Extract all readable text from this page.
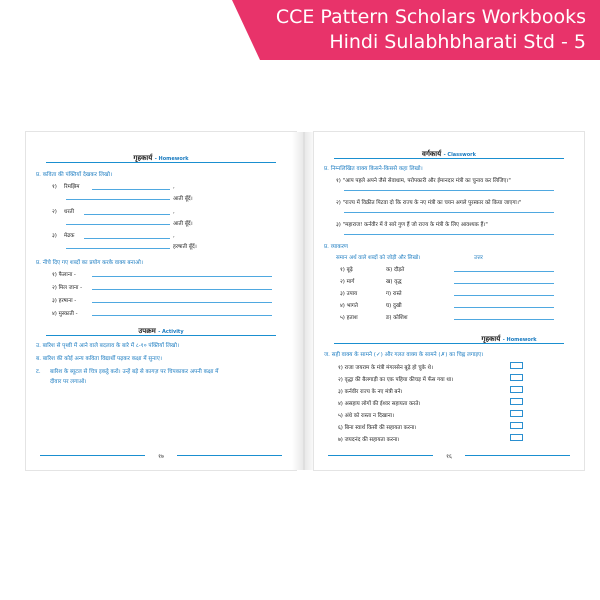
CCE Pattern Scholars Workbooks
Hindi Sulabhbharati Std - 5
गृहकार्य - Homework
प्र. कविता की पंक्तियाँ देखकर लिखो।
१) रिमझिम	,
आती बूँदें।
२) धरती	,
आती बूँदें।
३) मेढक	,
हरषाती बूँदें।
प्र. नीचे दिए गए शब्दों का प्रयोग करके वाक्य बनाओ।
१) फैलाना -
२) मिल जाना -
३) हरषाना -
४) मुस्काती -
उपक्रम - Activity
उ. बारिश से पृथ्वी में आने वाले बदलाव के बारे में ८-१० पंक्तियाँ लिखो।
ब. बारिश की कोई अन्य कविता विद्यार्थी पढ़कर कक्षा में सुनाए।
ट. बारिश के ब्यूटल से चित्र इकट्ठे करो। उन्हें बड़े से कागज़ पर चिपकाकर अपनी कक्षा में
दीवार पर लगाओ।
१७
वर्गकार्य - Classwork
प्र. निम्नलिखित वाक्य किसने-किससे कहा लिखो।
१) "आप पहले अपने जैसे सेवाधाम, परोपकारी और ईमानदार मंत्री का चुनाव कर लिजिए।"
२) "राज्य में विक्रीत पिटवा दो कि राज्य के नए मंत्री का चयन अगले पुरस्कार को किया जाएगा।"
३) "महाराज! कर्नवीर में वे सारे गुण हैं जो राज्य के मंत्री के लिए आवश्यक हैं।"
प्र. व्याकरण
समान अर्थ वाले शब्दों को जोड़ी और लिखो।	उत्तर
१) बूढ़े	क) दौड़ते
२) मार्ग	ख) वृद्ध
३) उपाय	ग) रास्ते
४) भागते	घ) दुखी
५) हताश	ङ) कोशिश
गृहकार्य - Homework
ज. सही वाक्य के सामने (✓) और गलत वाक्य के सामने (✗) का चिह्न लगाइए।
१) राजा जयराम के मंत्री मंगलसेन बूढ़े हो चुके थे।
२) वृद्धा की बैलगाड़ी का एक पहिया कीचड़ में फँस गया था।
३) कर्नवीर राज्य के नए मंत्री बने।
४) असहाय लोगों की ईश्वर सहायता करते।
५) अंधे को रास्ता न दिखाना।
६) बिना स्वार्थ किसी की सहायता करना।
७) जयदनंद की सहायता करना।
१६
